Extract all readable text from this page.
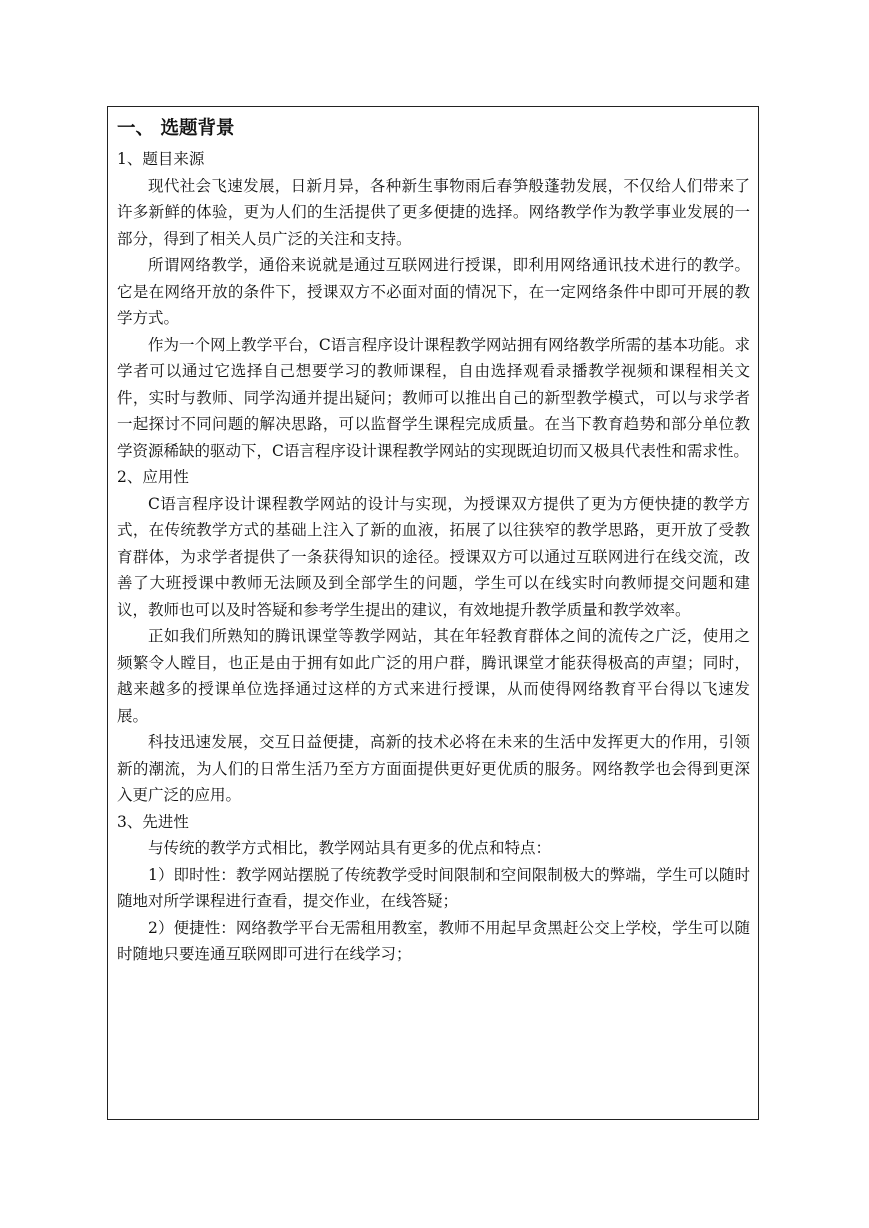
一、 选题背景

1、题目来源

现代社会飞速发展，日新月异，各种新生事物雨后春笋般蓬勃发展，不仅给人们带来了许多新鲜的体验，更为人们的生活提供了更多便捷的选择。网络教学作为教学事业发展的一部分，得到了相关人员广泛的关注和支持。

所谓网络教学，通俗来说就是通过互联网进行授课，即利用网络通讯技术进行的教学。它是在网络开放的条件下，授课双方不必面对面的情况下，在一定网络条件中即可开展的教学方式。

作为一个网上教学平台，C语言程序设计课程教学网站拥有网络教学所需的基本功能。求学者可以通过它选择自己想要学习的教师课程，自由选择观看录播教学视频和课程相关文件，实时与教师、同学沟通并提出疑问；教师可以推出自己的新型教学模式，可以与求学者一起探讨不同问题的解决思路，可以监督学生课程完成质量。在当下教育趋势和部分单位教学资源稀缺的驱动下，C语言程序设计课程教学网站的实现既迫切而又极具代表性和需求性。

2、应用性

C语言程序设计课程教学网站的设计与实现，为授课双方提供了更为方便快捷的教学方式，在传统教学方式的基础上注入了新的血液，拓展了以往狭窄的教学思路，更开放了受教育群体，为求学者提供了一条获得知识的途径。授课双方可以通过互联网进行在线交流，改善了大班授课中教师无法顾及到全部学生的问题，学生可以在线实时向教师提交问题和建议，教师也可以及时答疑和参考学生提出的建议，有效地提升教学质量和教学效率。

正如我们所熟知的腾讯课堂等教学网站，其在年轻教育群体之间的流传之广泛，使用之频繁令人瞠目，也正是由于拥有如此广泛的用户群，腾讯课堂才能获得极高的声望；同时，越来越多的授课单位选择通过这样的方式来进行授课，从而使得网络教育平台得以飞速发展。

科技迅速发展，交互日益便捷，高新的技术必将在未来的生活中发挥更大的作用，引领新的潮流，为人们的日常生活乃至方方面面提供更好更优质的服务。网络教学也会得到更深入更广泛的应用。

3、先进性

与传统的教学方式相比，教学网站具有更多的优点和特点：

1）即时性：教学网站摆脱了传统教学受时间限制和空间限制极大的弊端，学生可以随时随地对所学课程进行查看，提交作业，在线答疑；

2）便捷性：网络教学平台无需租用教室，教师不用起早贪黑赶公交上学校，学生可以随时随地只要连通互联网即可进行在线学习；
